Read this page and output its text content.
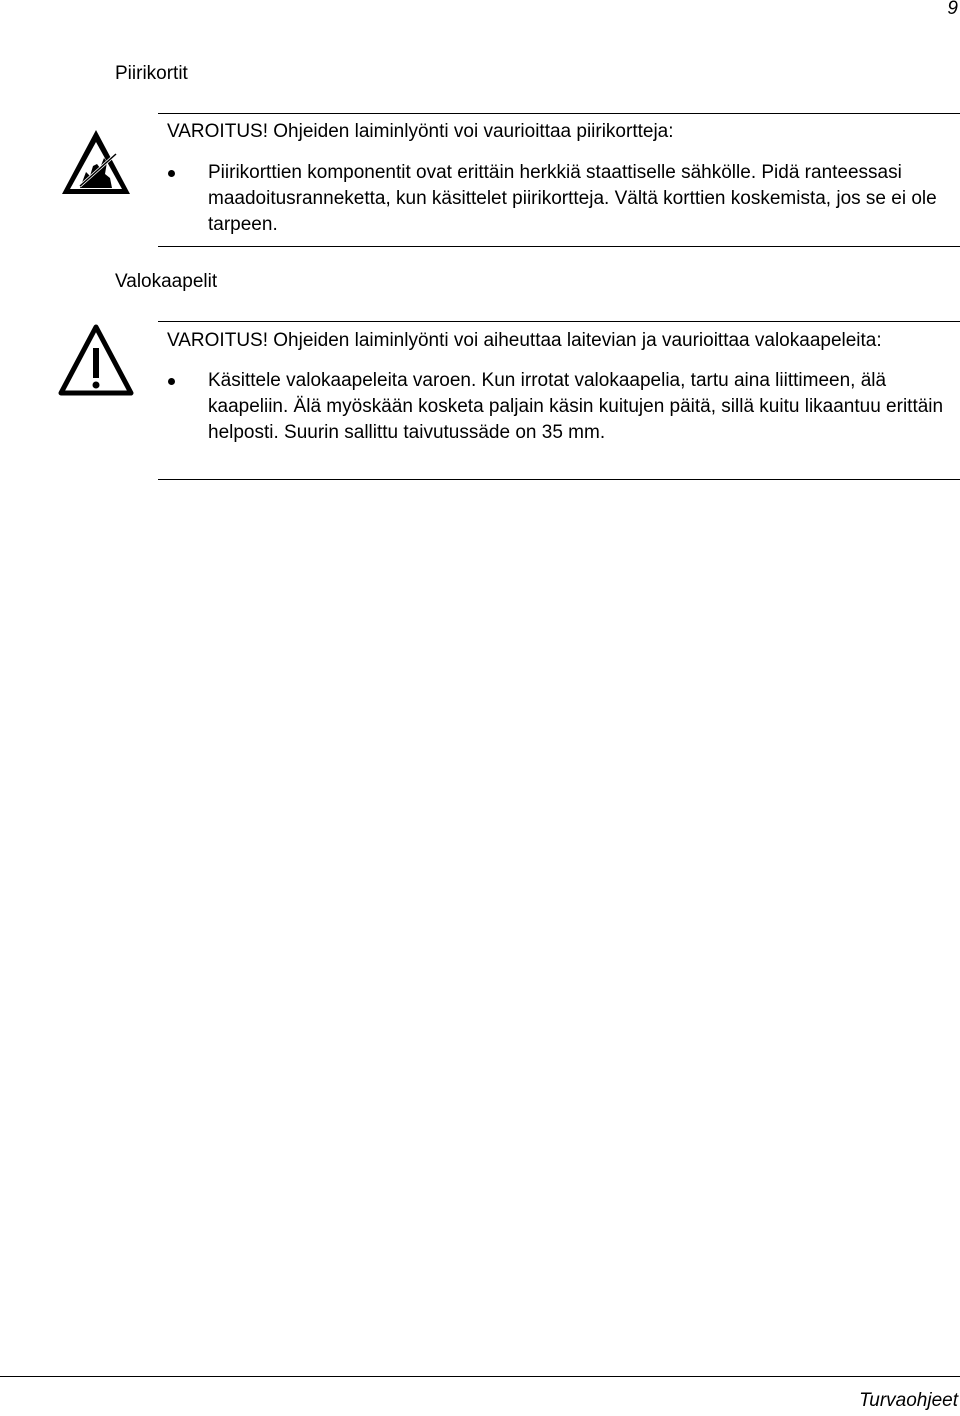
9
Piirikortit
VAROITUS! Ohjeiden laiminlyönti voi vaurioittaa piirikortteja:
Piirikorttien komponentit ovat erittäin herkkiä staattiselle sähkölle. Pidä ranteessasi maadoitusranneketta, kun käsittelet piirikortteja. Vältä korttien koskemista, jos se ei ole tarpeen.
Valokaapelit
VAROITUS! Ohjeiden laiminlyönti voi aiheuttaa laitevian ja vaurioittaa valokaapeleita:
Käsittele valokaapeleita varoen. Kun irrotat valokaapelia, tartu aina liittimeen, älä kaapeliin. Älä myöskään kosketa paljain käsin kuitujen päitä, sillä kuitu likaantuu erittäin helposti. Suurin sallittu taivutussäde on 35 mm.
Turvaohjeet
